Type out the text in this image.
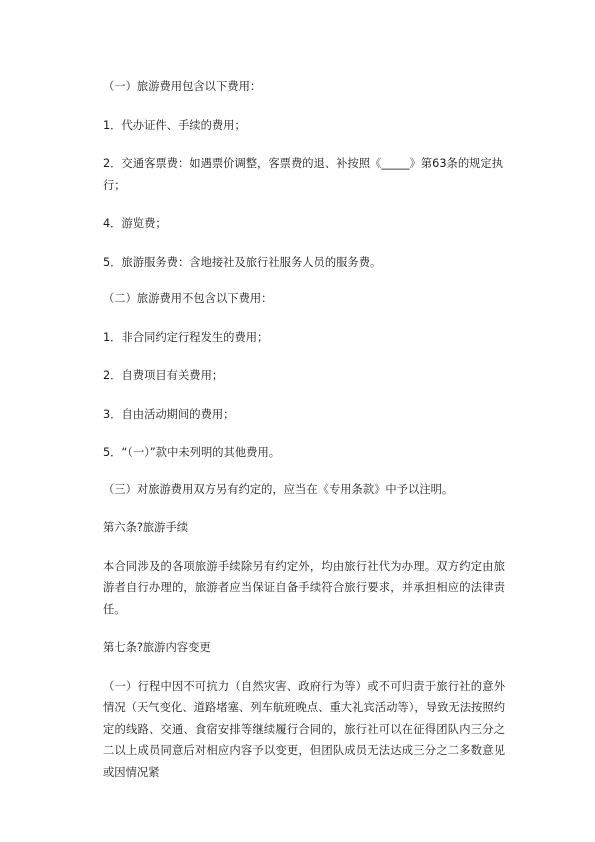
（一）旅游费用包含以下费用：

1．代办证件、手续的费用；

2．交通客票费：如遇票价调整，客票费的退、补按照《_____》第63条的规定执行；

4．游览费；

5．旅游服务费：含地接社及旅行社服务人员的服务费。

（二）旅游费用不包含以下费用：

1．非合同约定行程发生的费用；

2．自费项目有关费用；

3．自由活动期间的费用；

5．“（一）”款中未列明的其他费用。

（三）对旅游费用双方另有约定的，应当在《专用条款》中予以注明。

第六条?旅游手续

本合同涉及的各项旅游手续除另有约定外，均由旅行社代为办理。双方约定由旅游者自行办理的，旅游者应当保证自备手续符合旅行要求，并承担相应的法律责任。

第七条?旅游内容变更

（一）行程中因不可抗力（自然灾害、政府行为等）或不可归责于旅行社的意外情况（天气变化、道路堵塞、列车航班晚点、重大礼宾活动等），导致无法按照约定的线路、交通、食宿安排等继续履行合同的，旅行社可以在征得团队内三分之二以上成员同意后对相应内容予以变更，但团队成员无法达成三分之二多数意见或因情况紧
